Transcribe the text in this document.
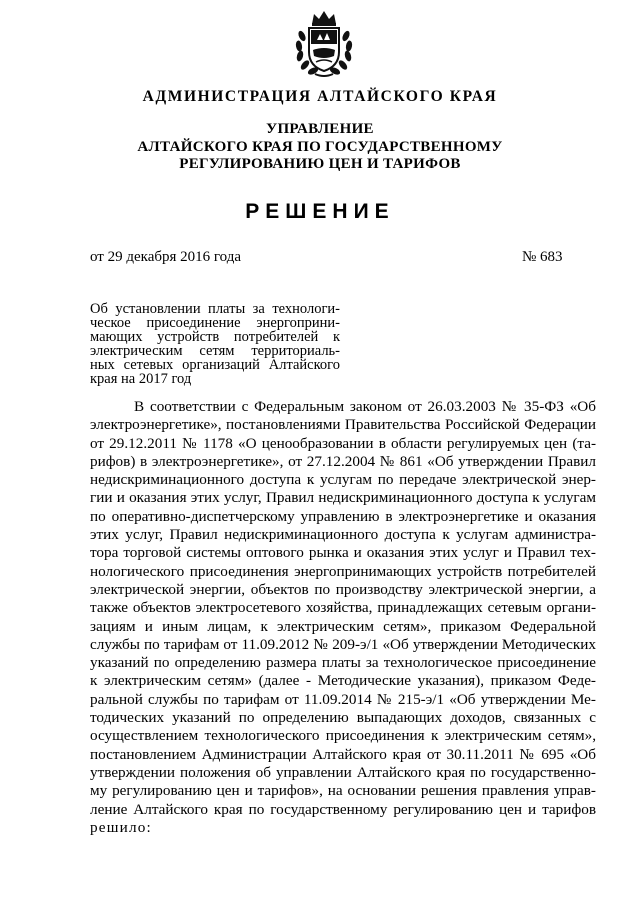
АДМИНИСТРАЦИЯ АЛТАЙСКОГО КРАЯ
УПРАВЛЕНИЕ
АЛТАЙСКОГО КРАЯ ПО ГОСУДАРСТВЕННОМУ
РЕГУЛИРОВАНИЮ ЦЕН И ТАРИФОВ
РЕШЕНИЕ
от 29 декабря 2016 года	№ 683
Об установлении платы за технологи-
ческое присоединение энергоприни-
мающих устройств потребителей к
электрическим сетям территориаль-
ных сетевых организаций Алтайского
края на 2017 год
В соответствии с Федеральным законом от 26.03.2003 № 35-ФЗ «Об
электроэнергетике», постановлениями Правительства Российской Федерации
от 29.12.2011 № 1178 «О ценообразовании в области регулируемых цен (та-
рифов) в электроэнергетике», от 27.12.2004 № 861 «Об утверждении Правил
недискриминационного доступа к услугам по передаче электрической энер-
гии и оказания этих услуг, Правил недискриминационного доступа к услугам
по оперативно-диспетчерскому управлению в электроэнергетике и оказания
этих услуг, Правил недискриминационного доступа к услугам администра-
тора торговой системы оптового рынка и оказания этих услуг и Правил тех-
нологического присоединения энергопринимающих устройств потребителей
электрической энергии, объектов по производству электрической энергии, а
также объектов электросетевого хозяйства, принадлежащих сетевым органи-
зациям и иным лицам, к электрическим сетям», приказом Федеральной
службы по тарифам от 11.09.2012 № 209-э/1 «Об утверждении Методических
указаний по определению размера платы за технологическое присоединение
к электрическим сетям» (далее - Методические указания), приказом Феде-
ральной службы по тарифам от 11.09.2014 № 215-э/1 «Об утверждении Ме-
тодических указаний по определению выпадающих доходов, связанных с
осуществлением технологического присоединения к электрическим сетям»,
постановлением Администрации Алтайского края от 30.11.2011 № 695 «Об
утверждении положения об управлении Алтайского края по государственно-
му регулированию цен и тарифов», на основании решения правления управ-
ление Алтайского края по государственному регулированию цен и тарифов
решило:
